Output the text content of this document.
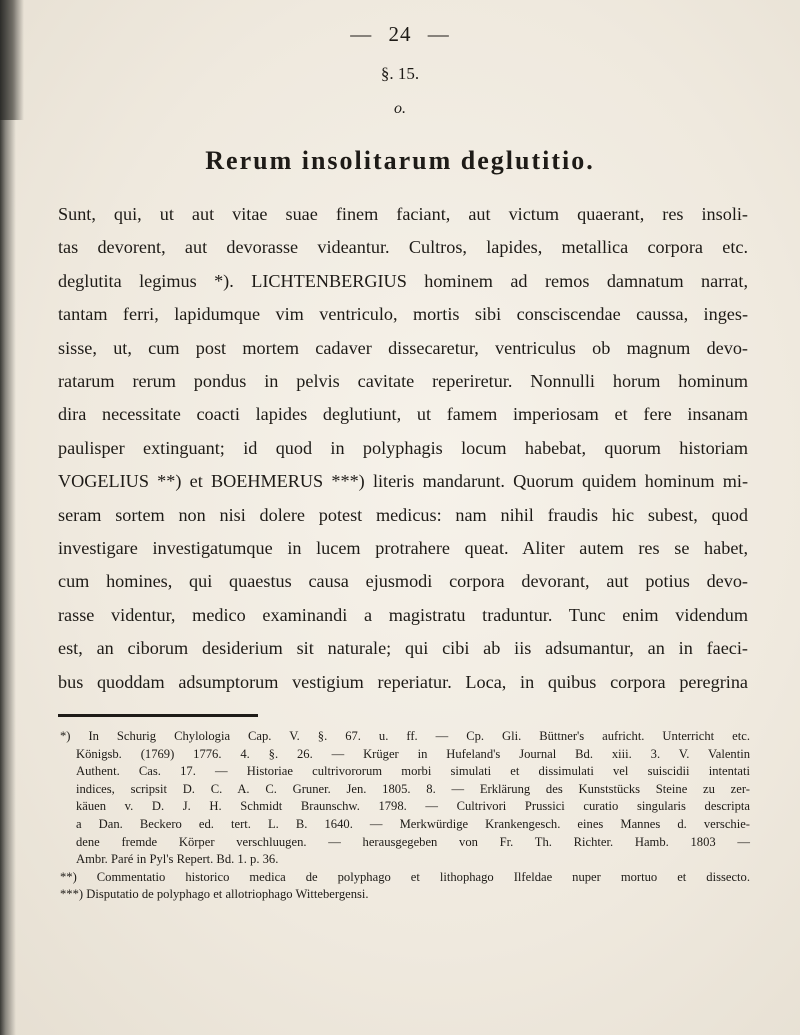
— 24 —
§. 15.
o.
Rerum insolitarum deglutitio.
Sunt, qui, ut aut vitae suae finem faciant, aut victum quaerant, res insoli-
tas devorent, aut devorasse videantur. Cultros, lapides, metallica corpora etc.
deglutita legimus *). LICHTENBERGIUS hominem ad remos damnatum narrat,
tantam ferri, lapidumque vim ventriculo, mortis sibi consciscendae caussa, inges-
sisse, ut, cum post mortem cadaver dissecaretur, ventriculus ob magnum devo-
ratarum rerum pondus in pelvis cavitate reperiretur. Nonnulli horum hominum
dira necessitate coacti lapides deglutiunt, ut famem imperiosam et fere insanam
paulisper extinguant; id quod in polyphagis locum habebat, quorum historiam
VOGELIUS **) et BOEHMERUS ***) literis mandarunt. Quorum quidem hominum mi-
seram sortem non nisi dolere potest medicus: nam nihil fraudis hic subest, quod
investigare investigatumque in lucem protrahere queat. Aliter autem res se habet,
cum homines, qui quaestus causa ejusmodi corpora devorant, aut potius devo-
rasse videntur, medico examinandi a magistratu traduntur. Tunc enim videndum
est, an ciborum desiderium sit naturale; qui cibi ab iis adsumantur, an in faeci-
bus quoddam adsumptorum vestigium reperiatur. Loca, in quibus corpora peregrina
*) In Schurig Chylologia Cap. V. §. 67. u. ff. — Cp. Gli. Büttner's aufricht. Unterricht etc.
Königsb. (1769) 1776. 4. §. 26. — Krüger in Hufeland's Journal Bd. xiii. 3. V. Valentin
Authent. Cas. 17. — Historiae cultrivororum morbi simulati et dissimulati vel suiscidii intentati
indices, scripsit D. C. A. C. Gruner. Jen. 1805. 8. — Erklärung des Kunststücks Steine zu zer-
käuen v. D. J. H. Schmidt Braunschw. 1798. — Cultrivori Prussici curatio singularis descripta
a Dan. Beckero ed. tert. L. B. 1640. — Merkwürdige Krankengesch. eines Mannes d. verschie-
dene fremde Körper verschluugen. — herausgegeben von Fr. Th. Richter. Hamb. 1803 —
Ambr. Paré in Pyl's Repert. Bd. 1. p. 36.
**) Commentatio historico medica de polyphago et lithophago Ilfeldae nuper mortuo et dissecto.
***) Disputatio de polyphago et allotriophago Wittebergensi.
